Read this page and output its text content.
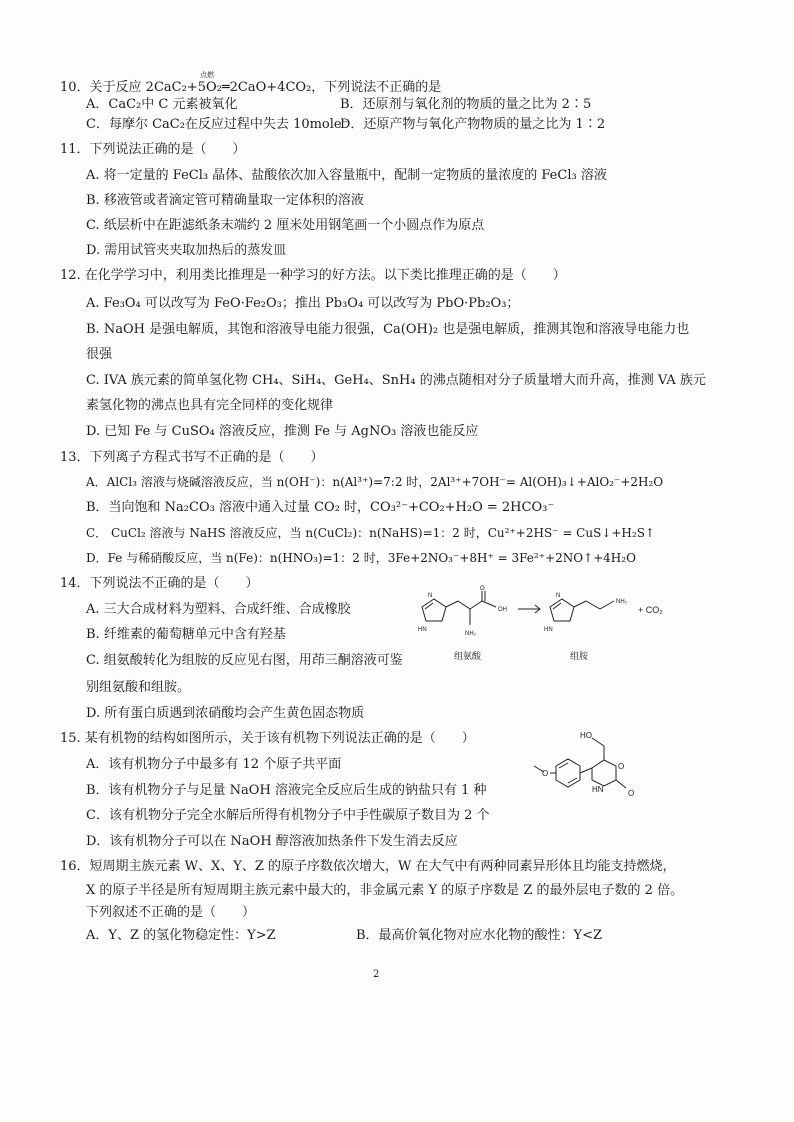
10．关于反应 2CaC₂+5O₂═2CaO+4CO₂，下列说法不正确的是
点燃
A．CaC₂中 C 元素被氧化	B．还原剂与氧化剂的物质的量之比为 2∶5
C．每摩尔 CaC₂在反应过程中失去 10mole⁻
D．还原产物与氧化产物物质的量之比为 1∶2
11．下列说法正确的是（　　）
A. 将一定量的 FeCl₃ 晶体、盐酸依次加入容量瓶中，配制一定物质的量浓度的 FeCl₃ 溶液
B. 移液管或者滴定管可精确量取一定体积的溶液
C. 纸层析中在距滤纸条末端约 2 厘米处用钢笔画一个小圆点作为原点
D. 需用试管夹夹取加热后的蒸发皿
12. 在化学学习中，利用类比推理是一种学习的好方法。以下类比推理正确的是（　　）
A. Fe₃O₄ 可以改写为 FeO·Fe₂O₃；推出 Pb₃O₄ 可以改写为 PbO·Pb₂O₃；
B. NaOH 是强电解质，其饱和溶液导电能力很强，Ca(OH)₂ 也是强电解质，推测其饱和溶液导电能力也
很强
C. IVA 族元素的简单氢化物 CH₄、SiH₄、GeH₄、SnH₄ 的沸点随相对分子质量增大而升高，推测 VA 族元
素氢化物的沸点也具有完全同样的变化规律
D. 已知 Fe 与 CuSO₄ 溶液反应，推测 Fe 与 AgNO₃ 溶液也能反应
13．下列离子方程式书写不正确的是（　　）
A．AlCl₃ 溶液与烧碱溶液反应，当 n(OH⁻)：n(Al³⁺)=7:2 时，2Al³⁺+7OH⁻= Al(OH)₃↓+AlO₂⁻+2H₂O
B．当向饱和 Na₂CO₃ 溶液中通入过量 CO₂ 时，CO₃²⁻+CO₂+H₂O = 2HCO₃⁻
C． CuCl₂ 溶液与 NaHS 溶液反应，当 n(CuCl₂)：n(NaHS)=1：2 时，Cu²⁺+2HS⁻ = CuS↓+H₂S↑
D．Fe 与稀硝酸反应，当 n(Fe)：n(HNO₃)=1：2 时，3Fe+2NO₃⁻+8H⁺ = 3Fe²⁺+2NO↑+4H₂O
14．下列说法不正确的是（　　）
A. 三大合成材料为塑料、合成纤维、合成橡胶
B. 纤维素的葡萄糖单元中含有羟基
C. 组氨酸转化为组胺的反应见右图，用茚三酮溶液可鉴
别组氨酸和组胺。
D. 所有蛋白质遇到浓硝酸均会产生黄色固态物质
N
HN
O
OH
NH₂
N
HN
NH₂
+ CO₂
组氨酸	组胺
15. 某有机物的结构如图所示，关于该有机物下列说法正确的是（　　）
A．该有机物分子中最多有 12 个原子共平面
B．该有机物分子与足量 NaOH 溶液完全反应后生成的钠盐只有 1 种
C．该有机物分子完全水解后所得有机物分子中手性碳原子数目为 2 个
D．该有机物分子可以在 NaOH 醇溶液加热条件下发生消去反应
HO
O
O
HN	O
16．短周期主族元素 W、X、Y、Z 的原子序数依次增大，W 在大气中有两种同素异形体且均能支持燃烧，
X 的原子半径是所有短周期主族元素中最大的，非金属元素 Y 的原子序数是 Z 的最外层电子数的 2 倍。
下列叙述不正确的是（　　）
A．Y、Z 的氢化物稳定性：Y>Z	B．最高价氧化物对应水化物的酸性：Y<Z
2
